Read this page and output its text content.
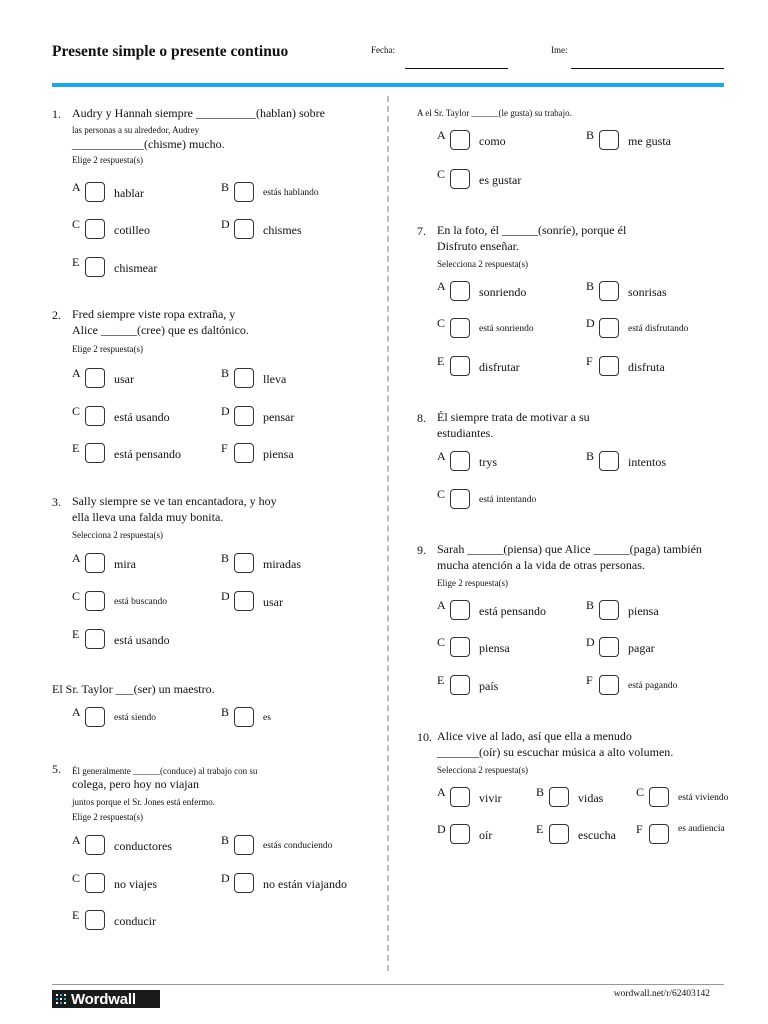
Presente simple o presente continuo	Fecha:	Ime:
1. Audry y Hannah siempre __________(hablan) sobre
las personas a su alrededor, Audrey
____________(chisme) mucho.
Elige 2 respuesta(s)
A	hablar	B	estás hablando
C	cotilleo	D	chismes
E	chismear
2. Fred siempre viste ropa extraña, y
Alice ______(cree) que es daltónico.
Elige 2 respuesta(s)
A	usar	B	lleva
C	está usando	D	pensar
E	está pensando	F	piensa
3. Sally siempre se ve tan encantadora, y hoy
ella lleva una falda muy bonita.
Selecciona 2 respuesta(s)
A	mira	B	miradas
C	está buscando	D	usar
E	está usando
El Sr. Taylor ___(ser) un maestro.
A	está siendo	B	es
5. Él generalmente ______(conduce) al trabajo con su
colega, pero hoy no viajan
juntos porque el Sr. Jones está enfermo.
Elige 2 respuesta(s)
A	conductores	B	estás conduciendo
C	no viajes	D	no están viajando
E	conducir
A el Sr. Taylor ______(le gusta) su trabajo.
A	como	B	me gusta
C	es gustar
7. En la foto, él ______(sonríe), porque él
Disfruto enseñar.
Selecciona 2 respuesta(s)
A	sonriendo	B	sonrisas
C	está sonriendo	D	está disfrutando
E	disfrutar	F	disfruta
8. Él siempre trata de motivar a su
estudiantes.
A	trys	B	intentos
C	está intentando
9. Sarah ______(piensa) que Alice ______(paga) también
mucha atención a la vida de otras personas.
Elige 2 respuesta(s)
A	está pensando	B	piensa
C	piensa	D	pagar
E	país	F	está pagando
10. Alice vive al lado, así que ella a menudo
_______(oír) su escuchar música a alto volumen.
Selecciona 2 respuesta(s)
A	vivir	B	vidas	C	está viviendo
D	oír	E	escucha F	es audiencia
Wordwall	wordwall.net/r/62403142
